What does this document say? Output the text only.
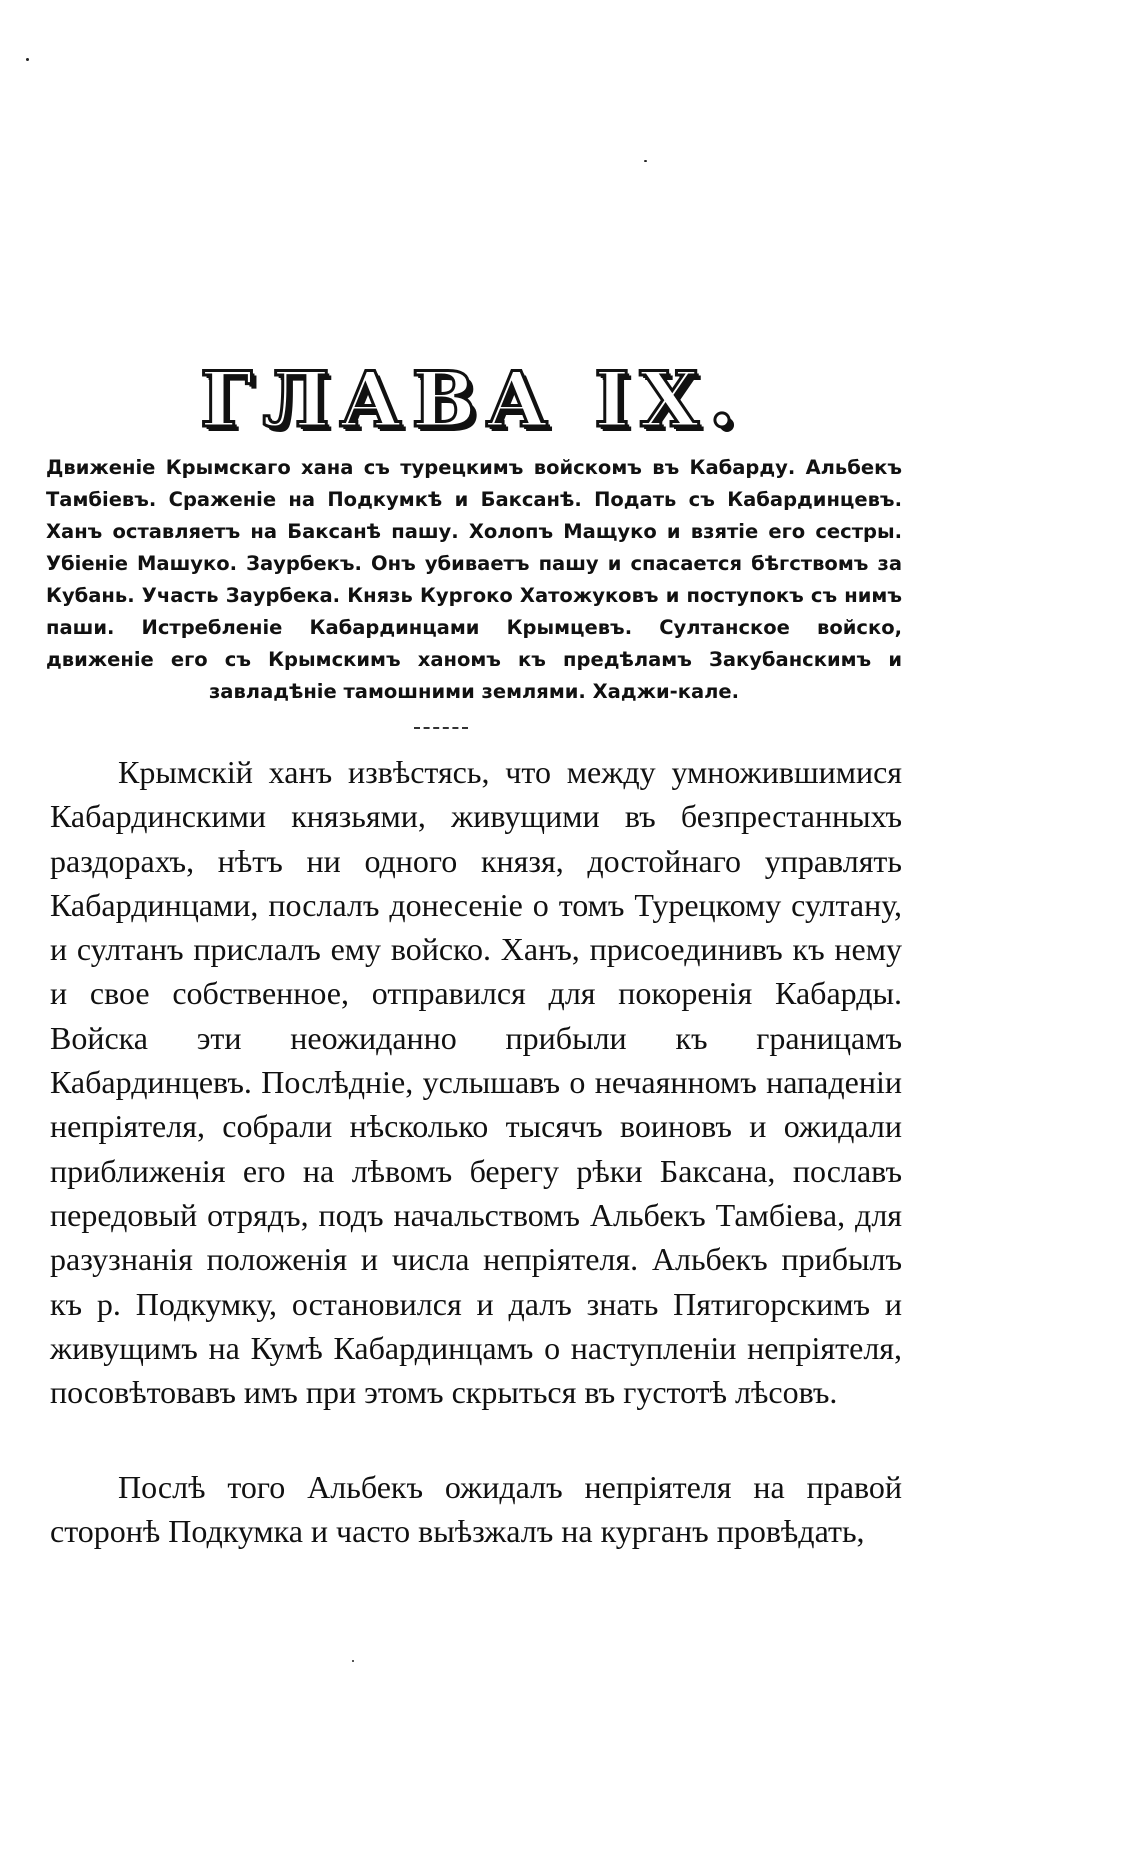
ГЛАВА IX.
Движеніе Крымскаго хана съ турецкимъ войскомъ въ Кабарду. Альбекъ Тамбіевъ. Сраженіе на Подкумкѣ и Баксанѣ. Подать съ Кабардинцевъ. Ханъ оставляетъ на Баксанѣ пашу. Холопъ Мащуко и взятіе его сестры. Убіеніе Машуко. Заурбекъ. Онъ убиваетъ пашу и спасается бѣгствомъ за Кубань. Участь Заурбека. Князь Кургоко Хатожуковъ и поступокъ съ нимъ паши. Истребленіе Кабардинцами Крымцевъ. Султанское войско, движеніе его съ Крымскимъ ханомъ къ предѣламъ Закубанскимъ и завладѣніе тамошними землями. Хаджи-кале.
Крымскій ханъ извѣстясь, что между умножившимися Кабардинскими князьями, живущими въ безпрестанныхъ раздорахъ, нѣтъ ни одного князя, достойнаго управлять Кабардинцами, послалъ донесеніе о томъ Турецкому султану, и султанъ прислалъ ему войско. Ханъ, присоединивъ къ нему и свое собственное, отправился для покоренія Кабарды. Войска эти неожиданно прибыли къ границамъ Кабардинцевъ. Послѣдніе, услышавъ о нечаянномъ нападеніи непріятеля, собрали нѣсколько тысячъ воиновъ и ожидали приближенія его на лѣвомъ берегу рѣки Баксана, пославъ передовый отрядъ, подъ начальствомъ Альбекъ Тамбіева, для разузнанія положенія и числа непріятеля. Альбекъ прибылъ къ р. Подкумку, остановился и далъ знать Пятигорскимъ и живущимъ на Кумѣ Кабардинцамъ о наступленіи непріятеля, посовѣтовавъ имъ при этомъ скрыться въ густотѣ лѣсовъ.
Послѣ того Альбекъ ожидалъ непріятеля на правой сторонѣ Подкумка и часто выѣзжалъ на курганъ провѣдать,
